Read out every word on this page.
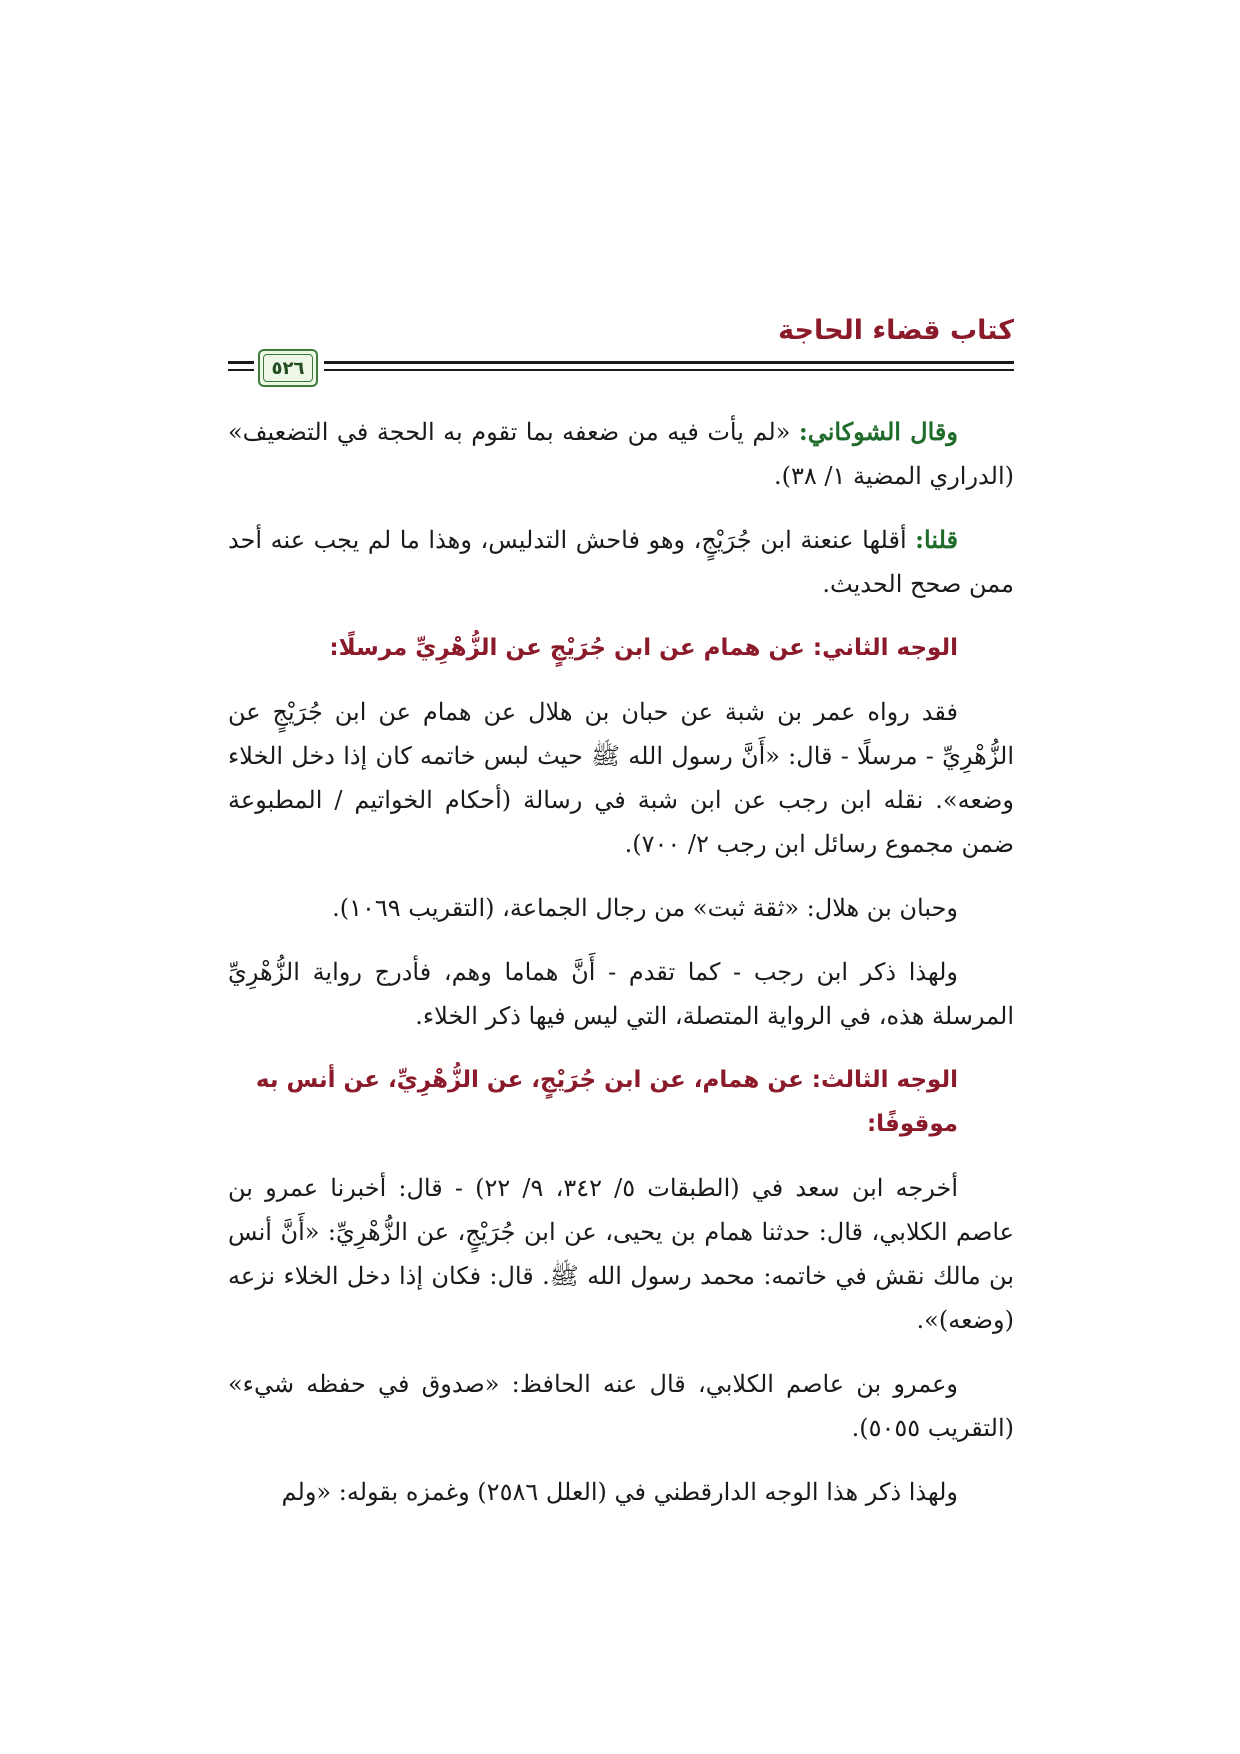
كتاب قضاء الحاجة
٥٢٦

وقال الشوكاني: «لم يأت فيه من ضعفه بما تقوم به الحجة في التضعيف» (الدراري المضية ١/ ٣٨).

قلنا: أقلها عنعنة ابن جُرَيْجٍ، وهو فاحش التدليس، وهذا ما لم يجب عنه أحد ممن صحح الحديث.

الوجه الثاني: عن همام عن ابن جُرَيْجٍ عن الزُّهْرِيِّ مرسلًا:

فقد رواه عمر بن شبة عن حبان بن هلال عن همام عن ابن جُرَيْجٍ عن الزُّهْرِيِّ - مرسلًا - قال: «أَنَّ رسول الله ﷺ حيث لبس خاتمه كان إذا دخل الخلاء وضعه». نقله ابن رجب عن ابن شبة في رسالة (أحكام الخواتيم / المطبوعة ضمن مجموع رسائل ابن رجب ٢/ ٧٠٠).

وحبان بن هلال: «ثقة ثبت» من رجال الجماعة، (التقريب ١٠٦٩).

ولهذا ذكر ابن رجب - كما تقدم - أَنَّ هماما وهم، فأدرج رواية الزُّهْرِيِّ المرسلة هذه، في الرواية المتصلة، التي ليس فيها ذكر الخلاء.

الوجه الثالث: عن همام، عن ابن جُرَيْجٍ، عن الزُّهْرِيِّ، عن أنس به موقوفًا:

أخرجه ابن سعد في (الطبقات ٥/ ٣٤٢، ٩/ ٢٢) - قال: أخبرنا عمرو بن عاصم الكلابي، قال: حدثنا همام بن يحيى، عن ابن جُرَيْجٍ، عن الزُّهْرِيِّ: «أَنَّ أنس بن مالك نقش في خاتمه: محمد رسول الله ﷺ. قال: فكان إذا دخل الخلاء نزعه (وضعه)».

وعمرو بن عاصم الكلابي، قال عنه الحافظ: «صدوق في حفظه شيء» (التقريب ٥٠٥٥).

ولهذا ذكر هذا الوجه الدارقطني في (العلل ٢٥٨٦) وغمزه بقوله: «ولم
